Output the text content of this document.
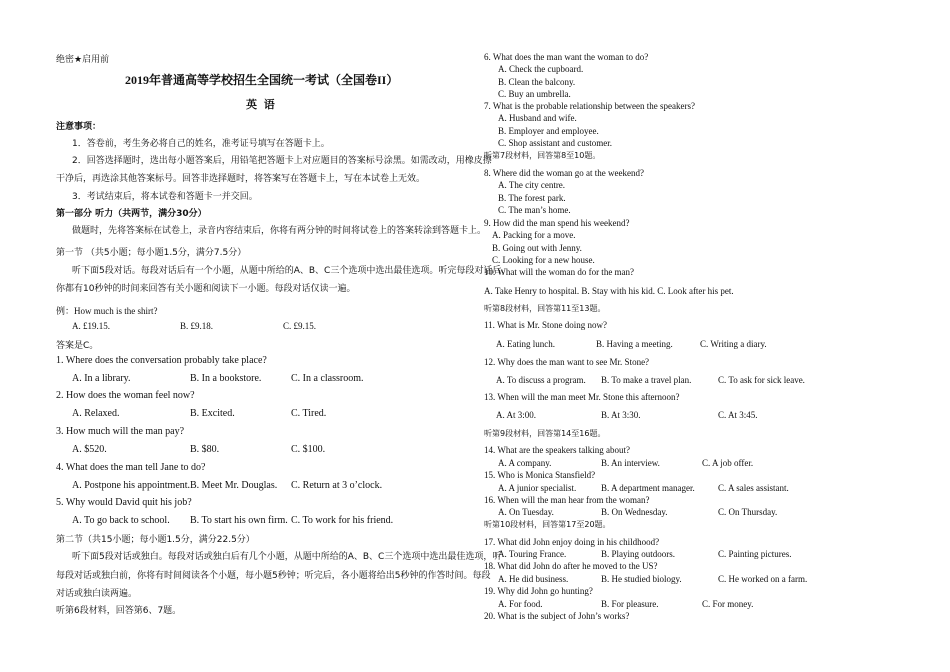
绝密★启用前
2019年普通高等学校招生全国统一考试（全国卷II）
英 语
注意事项：
1．答卷前，考生务必将自己的姓名，准考证号填写在答题卡上。
2．回答选择题时，选出每小题答案后，用铅笔把答题卡上对应题目的答案标号涂黑。如需改动，用橡皮擦
干净后，再选涂其他答案标号。回答非选择题时，将答案写在答题卡上，写在本试卷上无效。
3．考试结束后，将本试卷和答题卡一并交回。
第一部分 听力（共两节，满分30分）
做题时，先将答案标在试卷上，录音内容结束后，你将有两分钟的时间将试卷上的答案转涂到答题卡上。
第一节 （共5小题；每小题1.5分，满分7.5分）
听下面5段对话。每段对话后有一个小题，从题中所给的A、B、C三个选项中选出最佳选项。听完每段对话后，
你都有10秒钟的时间来回答有关小题和阅读下一小题。每段对话仅读一遍。
例：How much is the shirt?
A. £19.15.	B. £9.18.	C. £9.15.
答案是C。
1. Where does the conversation probably take place?
A. In a library.	B. In a bookstore.	C. In a classroom.
2. How does the woman feel now?
A. Relaxed.	B. Excited.	C. Tired.
3. How much will the man pay?
A. $520.	B. $80.	C. $100.
4. What does the man tell Jane to do?
A. Postpone his appointment. B. Meet Mr. Douglas. C. Return at 3 o’clock.
5. Why would David quit his job?
A. To go back to school. B. To start his own firm. C. To work for his friend.
第二节（共15小题；每小题1.5分，满分22.5分）
听下面5段对话或独白。每段对话或独白后有几个小题，从题中所给的A、B、C三个选项中选出最佳选项，听
每段对话或独白前，你将有时间阅读各个小题，每小题5秒钟；听完后，各小题将给出5秒钟的作答时间。每段
对话或独白读两遍。
听第6段材料，回答第6、7题。
6. What does the man want the woman to do?
A. Check the cupboard.
B. Clean the balcony.
C. Buy an umbrella.
7. What is the probable relationship between the speakers?
A. Husband and wife.
B. Employer and employee.
C. Shop assistant and customer.
听第7段材料，回答第8至10题。
8. Where did the woman go at the weekend?
A. The city centre.
B. The forest park.
C. The man’s home.
9. How did the man spend his weekend?
A. Packing for a move.
B. Going out with Jenny.
C. Looking for a new house.
10. What will the woman do for the man?
A. Take Henry to hospital. B. Stay with his kid. C. Look after his pet.
听第8段材料，回答第11至13题。
11. What is Mr. Stone doing now?
A. Eating lunch.	B. Having a meeting.	C. Writing a diary.
12. Why does the man want to see Mr. Stone?
A. To discuss a program. B. To make a travel plan.	C. To ask for sick leave.
13. When will the man meet Mr. Stone this afternoon?
A. At 3:00.	B. At 3:30.	C. At 3:45.
听第9段材料，回答第14至16题。
14. What are the speakers talking about?
A. A company.	B. An interview.	C. A job offer.
15. Who is Monica Stansfield?
A. A junior specialist.	B. A department manager.	C. A sales assistant.
16. When will the man hear from the woman?
A. On Tuesday.	B. On Wednesday.	C. On Thursday.
听第10段材料，回答第17至20题。
17. What did John enjoy doing in his childhood?
A. Touring France.	B. Playing outdoors.	C. Painting pictures.
18. What did John do after he moved to the US?
A. He did business.	B. He studied biology.	C. He worked on a farm.
19. Why did John go hunting?
A. For food.	B. For pleasure.	C. For money.
20. What is the subject of John’s works?
